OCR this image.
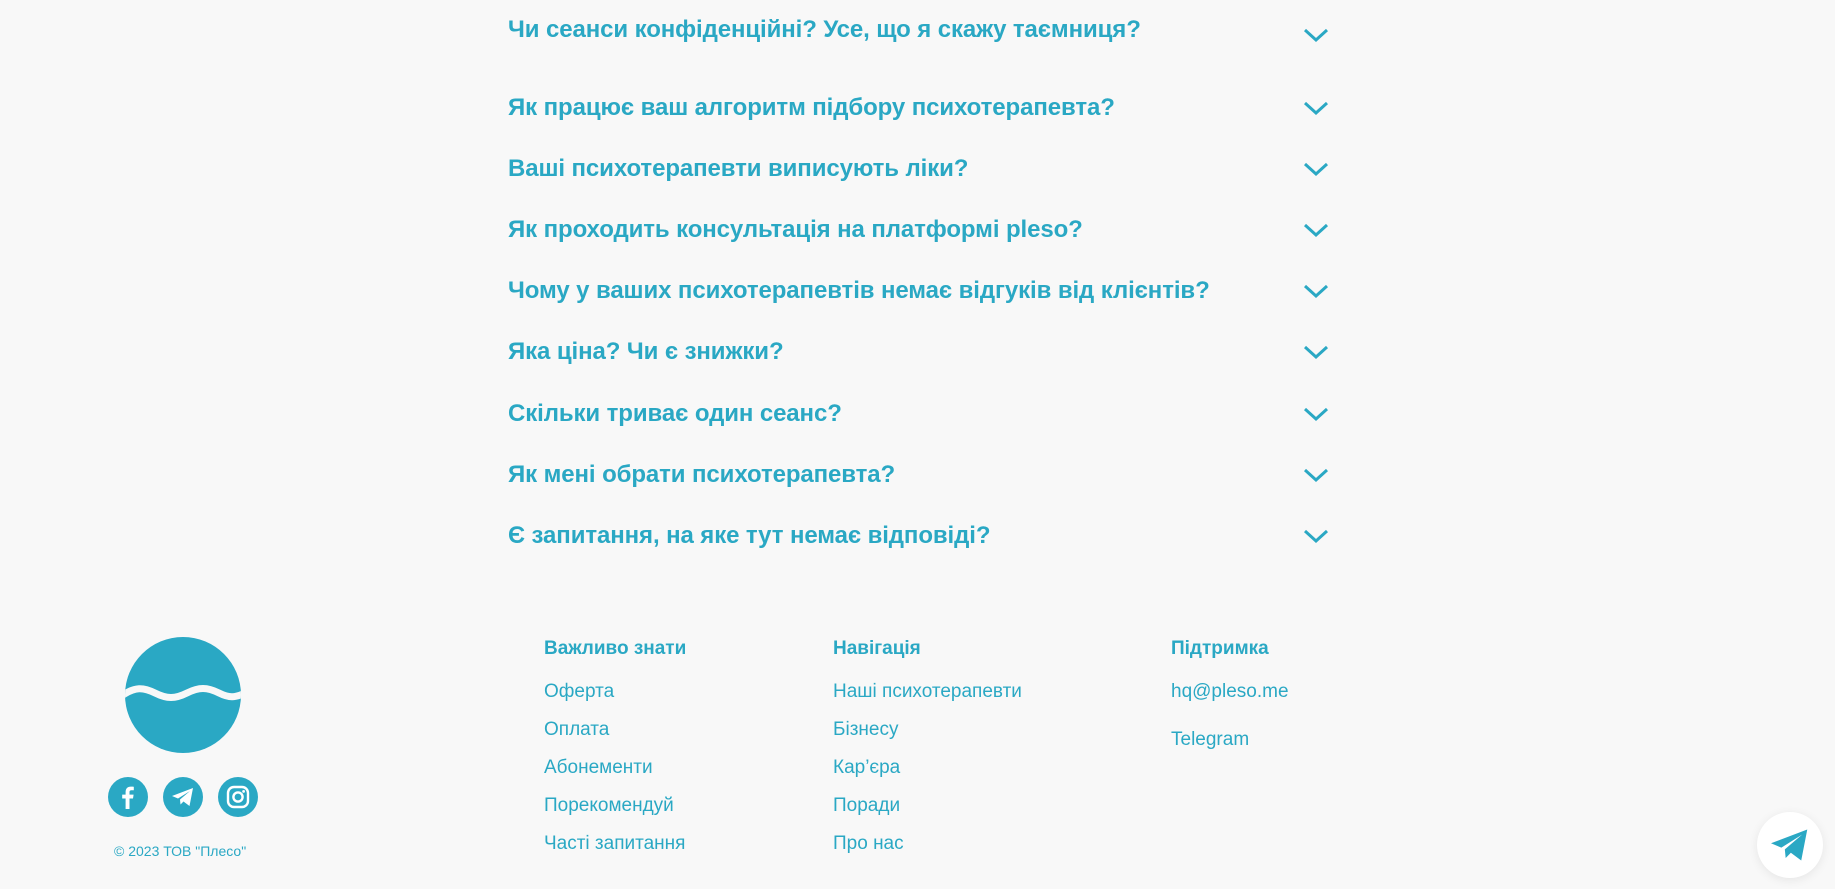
Чи сеанси конфіденційні? Усе, що я скажу таємниця?
Як працює ваш алгоритм підбору психотерапевта?
Ваші психотерапевти виписують ліки?
Як проходить консультація на платформі pleso?
Чому у ваших психотерапевтів немає відгуків від клієнтів?
Яка ціна? Чи є знижки?
Скільки триває один сеанс?
Як мені обрати психотерапевта?
Є запитання, на яке тут немає відповіді?
© 2023 ТОВ "Плесо"
Важливо знати
Оферта
Оплата
Абонементи
Порекомендуй
Часті запитання
Навігація
Наші психотерапевти
Бізнесу
Кар’єра
Поради
Про нас
Підтримка
hq@pleso.me
Telegram
